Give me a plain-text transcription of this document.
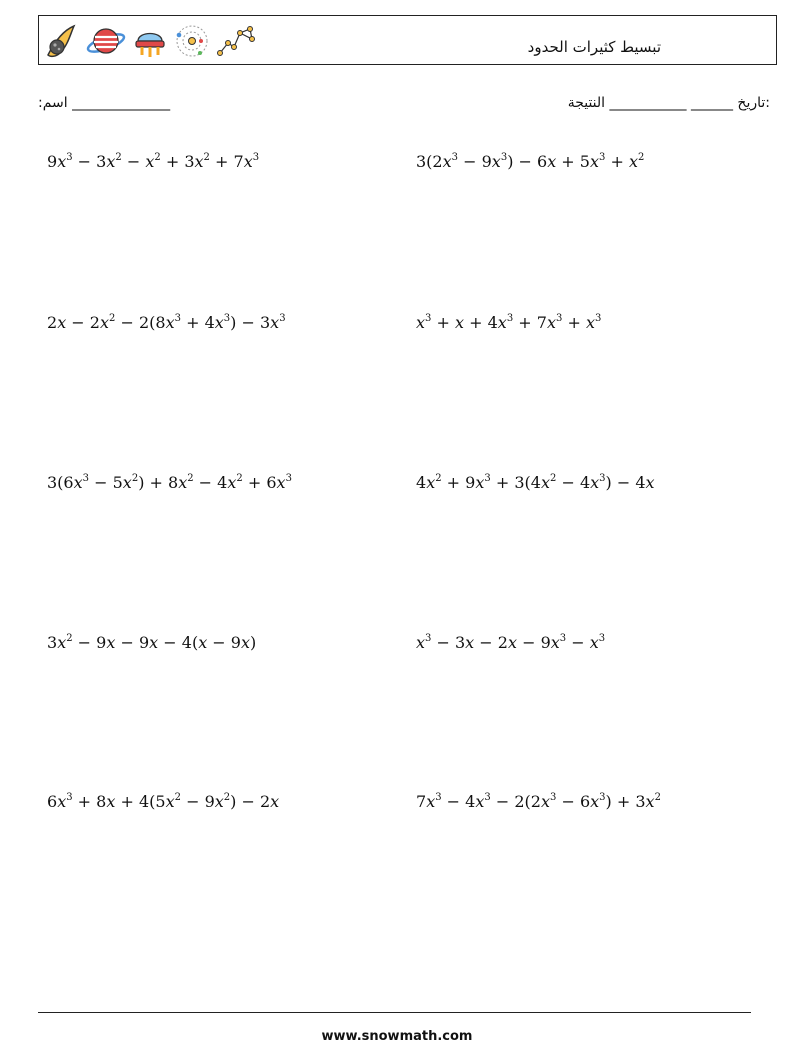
تبسيط كثيرات الحدود
:اسم ______________	:تاريخ ______ ___________ النتيجة
$9x^3 - 3x^2 - x^2 + 3x^2 + 7x^3$	$3(2x^3 - 9x^3) - 6x + 5x^3 + x^2$
$2x - 2x^2 - 2(8x^3 + 4x^3) - 3x^3$	$x^3 + x + 4x^3 + 7x^3 + x^3$
$3(6x^3 - 5x^2) + 8x^2 - 4x^2 + 6x^3$	$4x^2 + 9x^3 + 3(4x^2 - 4x^3) - 4x$
$3x^2 - 9x - 9x - 4(x - 9x)$	$x^3 - 3x - 2x - 9x^3 - x^3$
$6x^3 + 8x + 4(5x^2 - 9x^2) - 2x$	$7x^3 - 4x^3 - 2(2x^3 - 6x^3) + 3x^2$
www.snowmath.com
